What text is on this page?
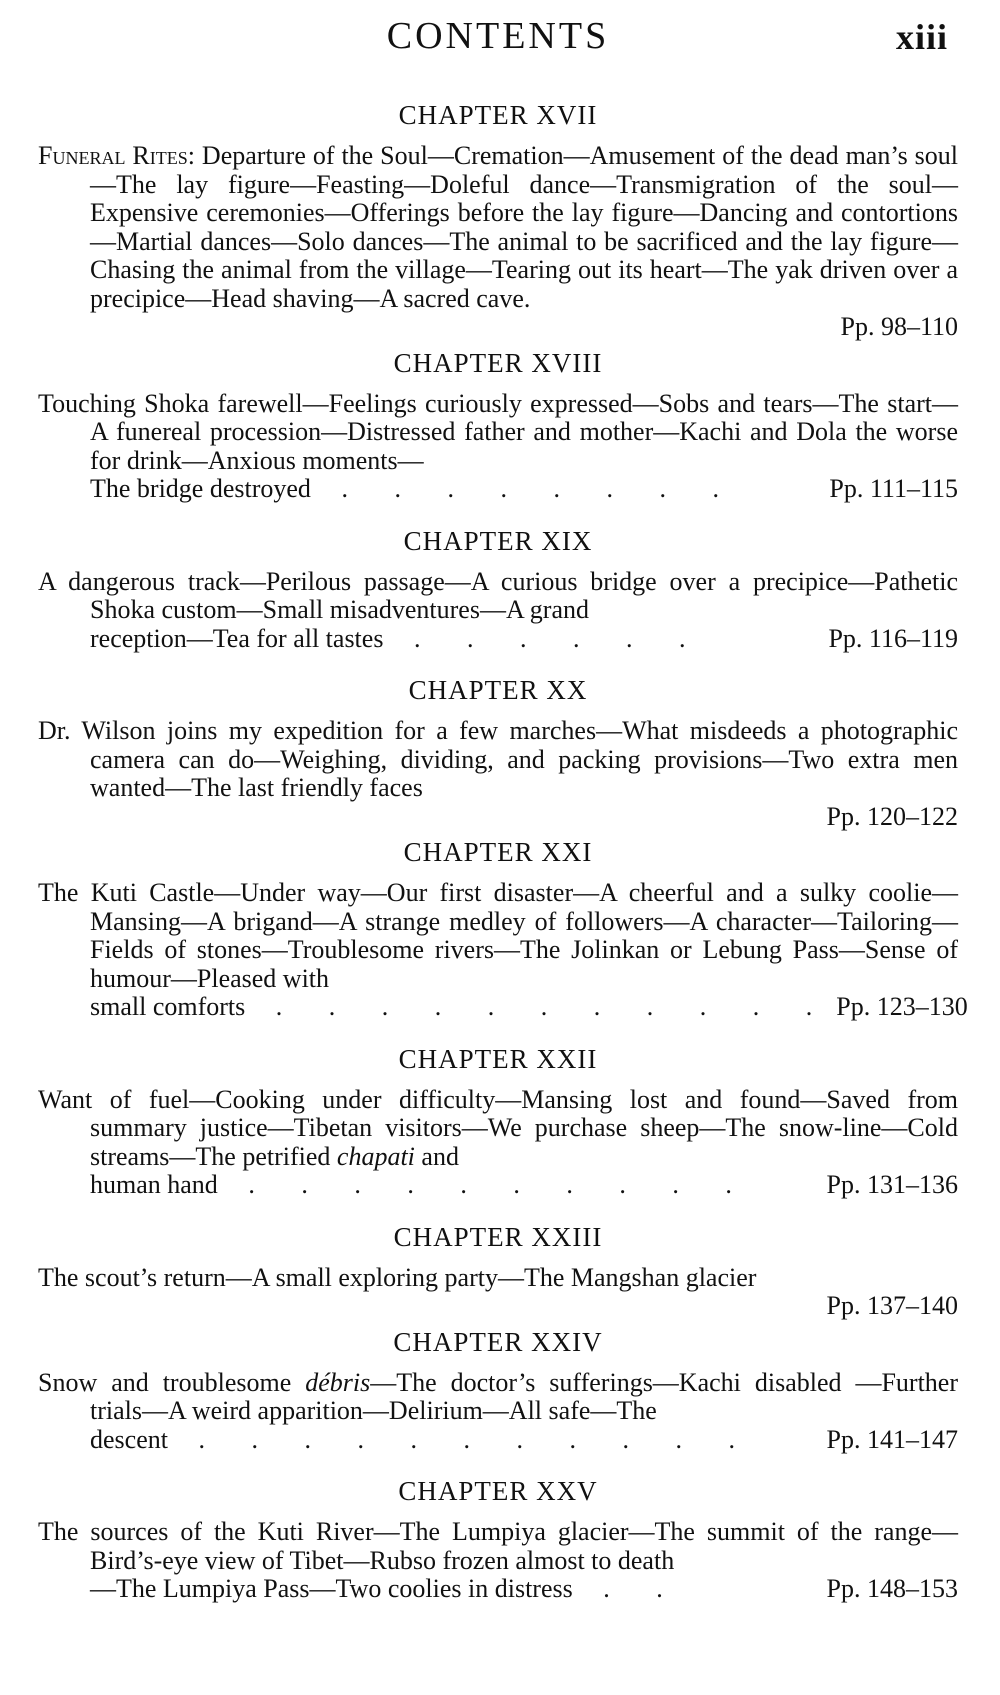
CONTENTS	xiii
CHAPTER XVII

Funeral Rites: Departure of the Soul—Cremation—Amusement of the dead man’s soul—The lay figure—Feasting—Doleful dance—Transmigration of the soul—Expensive ceremonies—Offerings before the lay figure—Dancing and contortions—Martial dances—Solo dances—The animal to be sacrificed and the lay figure—Chasing the animal from the village—Tearing out its heart—The yak driven over a precipice—Head shaving—A sacred cave.

Pp. 98–110
CHAPTER XVIII

Touching Shoka farewell—Feelings curiously expressed—Sobs and tears—The start—A funereal procession—Distressed father and mother—Kachi and Dola the worse for drink—Anxious moments—

The bridge destroyed . . . . . . . .	Pp. 111–115
CHAPTER XIX

A dangerous track—Perilous passage—A curious bridge over a precipice—Pathetic Shoka custom—Small misadventures—A grand

reception—Tea for all tastes . . . . . .	Pp. 116–119
CHAPTER XX

Dr. Wilson joins my expedition for a few marches—What misdeeds a photographic camera can do—Weighing, dividing, and packing provisions—Two extra men wanted—The last friendly faces

Pp. 120–122
CHAPTER XXI

The Kuti Castle—Under way—Our first disaster—A cheerful and a sulky coolie—Mansing—A brigand—A strange medley of followers—A character—Tailoring—Fields of stones—Troublesome rivers—The Jolinkan or Lebung Pass—Sense of humour—Pleased with

small comforts . . . . . . . . . . . Pp. 123–130
CHAPTER XXII

Want of fuel—Cooking under difficulty—Mansing lost and found—Saved from summary justice—Tibetan visitors—We purchase sheep—The snow-line—Cold streams—The petrified chapati and

human hand . . . . . . . . . .	Pp. 131–136
CHAPTER XXIII

The scout’s return—A small exploring party—The Mangshan glacier

Pp. 137–140
CHAPTER XXIV

Snow and troublesome débris—The doctor’s sufferings—Kachi disabled —Further trials—A weird apparition—Delirium—All safe—The

descent . . . . . . . . . . .	Pp. 141–147
CHAPTER XXV

The sources of the Kuti River—The Lumpiya glacier—The summit of the range—Bird’s-eye view of Tibet—Rubso frozen almost to death

—The Lumpiya Pass—Two coolies in distress . .	Pp. 148–153
